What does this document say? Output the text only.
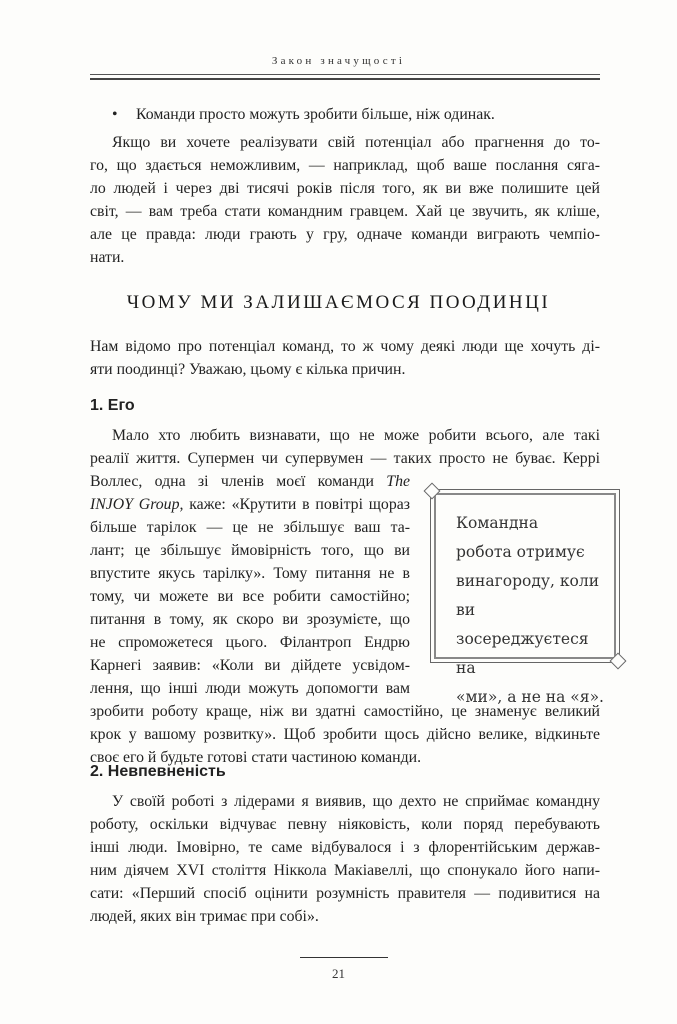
Закон значущості
• Команди просто можуть зробити більше, ніж одинак.
Якщо ви хочете реалізувати свій потенціал або прагнення до то-
го, що здається неможливим, — наприклад, щоб ваше послання сяга-
ло людей і через дві тисячі років після того, як ви вже полишите цей
світ, — вам треба стати командним гравцем. Хай це звучить, як кліше,
але це правда: люди грають у гру, одначе команди виграють чемпіо-
нати.
ЧОМУ МИ ЗАЛИШАЄМОСЯ ПООДИНЦІ
Нам відомо про потенціал команд, то ж чому деякі люди ще хочуть ді-
яти поодинці? Уважаю, цьому є кілька причин.
1. Его
Мало хто любить визнавати, що не може робити всього, але такі
реалії життя. Супермен чи супервумен — таких просто не буває. Керрі
Воллес, одна зі членів моєї команди The
INJOY Group, каже: «Крутити в повітрі щораз
більше тарілок — це не збільшує ваш та-
лант; це збільшує ймовірність того, що ви
впустите якусь тарілку». Тому питання не в
тому, чи можете ви все робити самостійно;
питання в тому, як скоро ви зрозумієте, що
не спроможетеся цього. Філантроп Ендрю
Карнегі заявив: «Коли ви дійдете усвідом-
лення, що інші люди можуть допомогти вам
зробити роботу краще, ніж ви здатні самостійно, це знаменує великий
крок у вашому розвитку». Щоб зробити щось дійсно велике, відкиньте
своє его й будьте готові стати частиною команди.
Командна
робота отримує
винагороду, коли ви
зосереджуєтеся на
«ми», а не на «я».
2. Невпевненість
У своїй роботі з лідерами я виявив, що дехто не сприймає командну
роботу, оскільки відчуває певну ніяковість, коли поряд перебувають
інші люди. Імовірно, те саме відбувалося і з флорентійським держав-
ним діячем XVI століття Ніккола Макіавеллі, що спонукало його напи-
сати: «Перший спосіб оцінити розумність правителя — подивитися на
людей, яких він тримає при собі».
21
